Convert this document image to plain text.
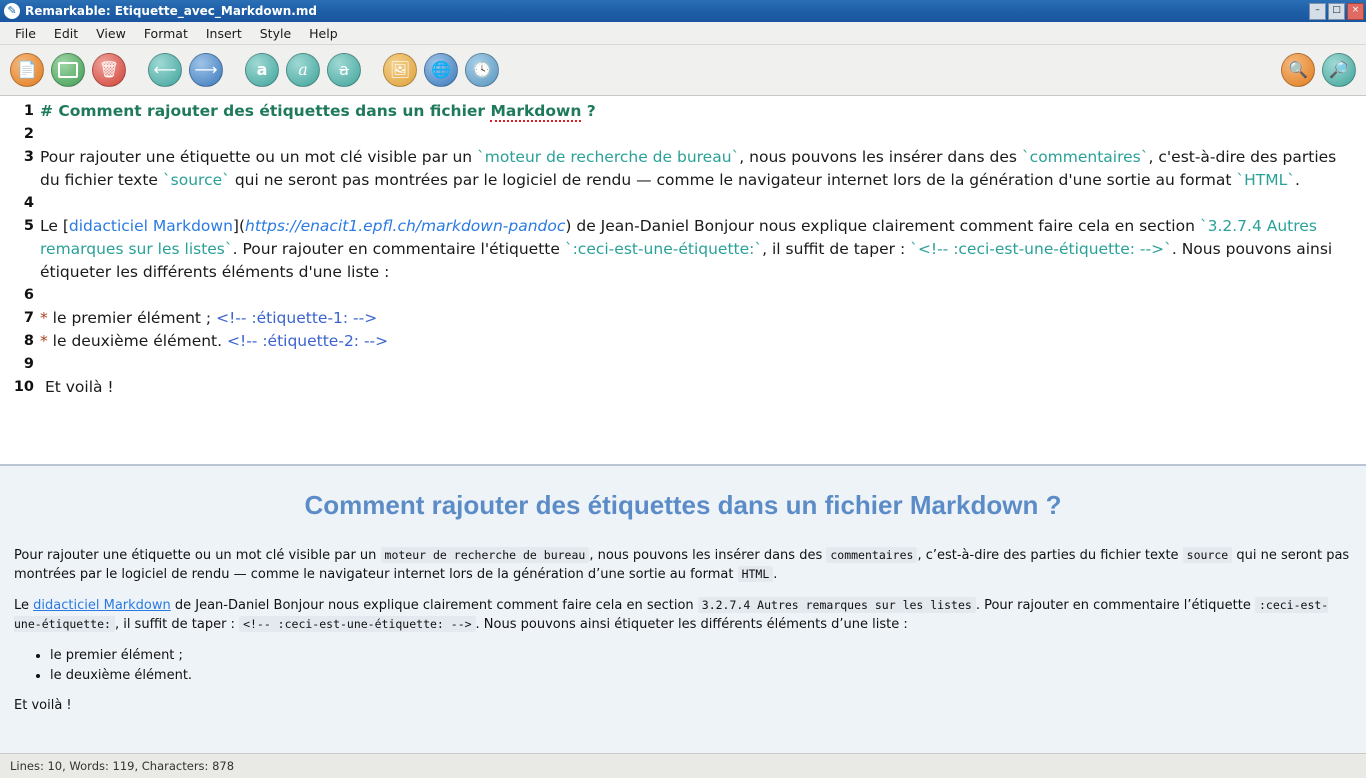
✎ Remarkable: Etiquette_avec_Markdown.md	–	□	×
File	Edit	View	Format	Insert	Style	Help
📄	🗑 ⟵ ⟶ a a a	🖼 🌐 🕓	🔍 🔎
1 # Comment rajouter des étiquettes dans un fichier Markdown ?
2

3 Pour rajouter une étiquette ou un mot clé visible par un `moteur de recherche de bureau`, nous pouvons les insérer dans des `commentaires`, c'est-à-dire des parties du fichier texte `source` qui ne seront pas montrées par le logiciel de rendu — comme le navigateur internet lors de la génération d'une sortie au format `HTML`.
4

5 Le [didacticiel Markdown](https://enacit1.epfl.ch/markdown-pandoc) de Jean-Daniel Bonjour nous explique clairement comment faire cela en section `3.2.7.4 Autres remarques sur les listes`. Pour rajouter en commentaire l'étiquette `:ceci-est-une-étiquette:`, il suffit de taper : `<!-- :ceci-est-une-étiquette: -->`. Nous pouvons ainsi étiqueter les différents éléments d'une liste :
6

7 * le premier élément ; <!-- :étiquette-1: -->
8 * le deuxième élément. <!-- :étiquette-2: -->
9

10 Et voilà !
Comment rajouter des étiquettes dans un fichier Markdown ?

Pour rajouter une étiquette ou un mot clé visible par un moteur de recherche de bureau , nous pouvons les insérer dans des commentaires , c’est-à-dire des parties du fichier texte source qui ne seront pas montrées par le logiciel de rendu — comme le navigateur internet lors de la génération d’une sortie au format HTML .

Le didacticiel Markdown de Jean-Daniel Bonjour nous explique clairement comment faire cela en section 3.2.7.4 Autres remarques sur les listes . Pour rajouter en commentaire l’étiquette :ceci-est-une-étiquette: , il suffit de taper : <!-- :ceci-est-une-étiquette: --> . Nous pouvons ainsi étiqueter les différents éléments d’une liste :

• le premier élément ;
• le deuxième élément.

Et voilà !

Lines: 10, Words: 119, Characters: 878
